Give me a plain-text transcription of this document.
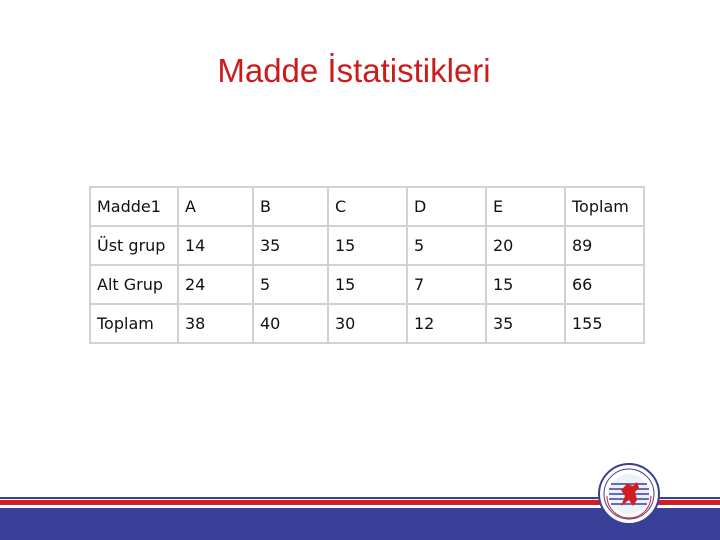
Madde İstatistikleri
Madde1	A	B	C	D	E	Toplam
Üst grup	14	35	15	5	20	89
Alt Grup	24	5	15	7	15	66
Toplam	38	40	30	12	35	155
